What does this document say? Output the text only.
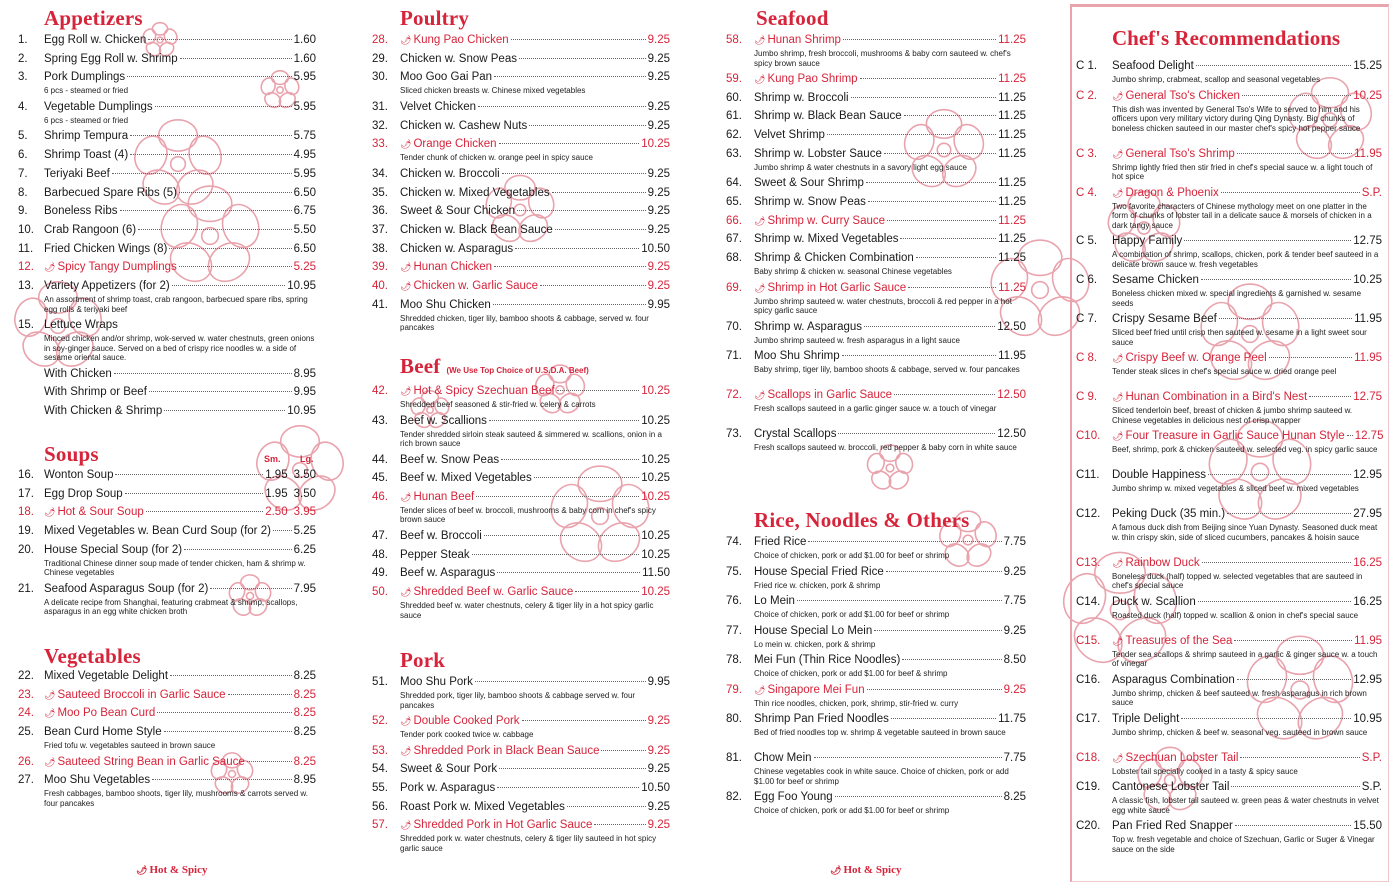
Appetizers
1.	Egg Roll w. Chicken	1.60
2.	Spring Egg Roll w. Shrimp	1.60
3.	Pork Dumplings	5.95
6 pcs - steamed or fried
4.	Vegetable Dumplings	5.95
6 pcs - steamed or fried
5.	Shrimp Tempura	5.75
6.	Shrimp Toast (4)	4.95
7.	Teriyaki Beef	5.95
8.	Barbecued Spare Ribs (5)	6.50
9.	Boneless Ribs	6.75
10. Crab Rangoon (6)	5.50
11. Fried Chicken Wings (8)	6.50
12.	🌶 Spicy Tangy Dumplings	5.25
13. Variety Appetizers (for 2)	10.95
An assortment of shrimp toast, crab rangoon, barbecued spare ribs, spring egg rolls & teriyaki beef
15. Lettuce Wraps
Minced chicken and/or shrimp, wok-served w. water chestnuts, green onions in soy-ginger sauce. Served on a bed of crispy rice noodles w. a side of sesame oriental sauce.
With Chicken	8.95
With Shrimp or Beef	9.95
With Chicken & Shrimp	10.95
Soups	Sm. Lg.
16. Wonton Soup	1.95 3.50
17. Egg Drop Soup	1.95 3.50
18.	🌶 Hot & Sour Soup	2.50 3.95
19. Mixed Vegetables w. Bean Curd Soup (for 2) 5.25
20. House Special Soup (for 2)	6.25
Traditional Chinese dinner soup made of tender chicken, ham & shrimp w. Chinese vegetables
21. Seafood Asparagus Soup (for 2)	7.95
A delicate recipe from Shanghai, featuring crabmeat & shrimp, scallops, asparagus in an egg white chicken broth
Vegetables
22. Mixed Vegetable Delight	8.25
23.	🌶 Sauteed Broccoli in Garlic Sauce	8.25
24.	🌶 Moo Po Bean Curd	8.25
25. Bean Curd Home Style	8.25
Fried tofu w. vegetables sauteed in brown sauce
26.	🌶 Sauteed String Bean in Garlic Sauce	8.25
27. Moo Shu Vegetables	8.95
Fresh cabbages, bamboo shoots, tiger lily, mushrooms & carrots served w. four pancakes
🌶 Hot & Spicy
Poultry
28.	🌶 Kung Pao Chicken	9.25
29.	Chicken w. Snow Peas	9.25
30.	Moo Goo Gai Pan	9.25
Sliced chicken breasts w. Chinese mixed vegetables
31.	Velvet Chicken	9.25
32.	Chicken w. Cashew Nuts	9.25
33.	🌶 Orange Chicken	10.25
Tender chunk of chicken w. orange peel in spicy sauce
34.	Chicken w. Broccoli	9.25
35.	Chicken w. Mixed Vegetables	9.25
36.	Sweet & Sour Chicken	9.25
37.	Chicken w. Black Bean Sauce	9.25
38.	Chicken w. Asparagus	10.50
39.	🌶 Hunan Chicken	9.25
40.	🌶 Chicken w. Garlic Sauce	9.25
41.	Moo Shu Chicken	9.95
Shredded chicken, tiger lily, bamboo shoots & cabbage, served w. four pancakes
Beef (We Use Top Choice of U.S.D.A. Beef)
42.	🌶 Hot & Spicy Szechuan Beef	10.25
Shredded beef seasoned & stir-fried w. celery & carrots
43.	Beef w. Scallions	10.25
Tender shredded sirloin steak sauteed & simmered w. scallions, onion in a rich brown sauce
44.	Beef w. Snow Peas	10.25
45.	Beef w. Mixed Vegetables	10.25
46.	🌶 Hunan Beef	10.25
Tender slices of beef w. broccoli, mushrooms & baby corn in chef's spicy brown sauce
47.	Beef w. Broccoli	10.25
48.	Pepper Steak	10.25
49.	Beef w. Asparagus	11.50
50.	🌶 Shredded Beef w. Garlic Sauce	10.25
Shredded beef w. water chestnuts, celery & tiger lily in a hot spicy garlic sauce
Pork
51.	Moo Shu Pork	9.95
Shredded pork, tiger lily, bamboo shoots & cabbage served w. four pancakes
52.	🌶 Double Cooked Pork	9.25
Tender pork cooked twice w. cabbage
53.	🌶 Shredded Pork in Black Bean Sauce	9.25
54.	Sweet & Sour Pork	9.25
55.	Pork w. Asparagus	10.50
56.	Roast Pork w. Mixed Vegetables	9.25
57.	🌶 Shredded Pork in Hot Garlic Sauce	9.25
Shredded pork w. water chestnuts, celery & tiger lily sauteed in hot spicy garlic sauce
Seafood
58.	🌶 Hunan Shrimp	11.25
Jumbo shrimp, fresh broccoli, mushrooms & baby corn sauteed w. chef's spicy brown sauce
59.	🌶 Kung Pao Shrimp	11.25
60.	Shrimp w. Broccoli	11.25
61.	Shrimp w. Black Bean Sauce	11.25
62.	Velvet Shrimp	11.25
63.	Shrimp w. Lobster Sauce	11.25
Jumbo shrimp & water chestnuts in a savory light egg sauce
64.	Sweet & Sour Shrimp	11.25
65.	Shrimp w. Snow Peas	11.25
66.	🌶 Shrimp w. Curry Sauce	11.25
67.	Shrimp w. Mixed Vegetables	11.25
68.	Shrimp & Chicken Combination	11.25
Baby shrimp & chicken w. seasonal Chinese vegetables
69.	🌶 Shrimp in Hot Garlic Sauce	11.25
Jumbo shrimp sauteed w. water chestnuts, broccoli & red pepper in a hot spicy garlic sauce
70.	Shrimp w. Asparagus	12.50
Jumbo shrimp sauteed w. fresh asparagus in a light sauce
71.	Moo Shu Shrimp	11.95
Baby shrimp, tiger lily, bamboo shoots & cabbage, served w. four pancakes
72.	🌶 Scallops in Garlic Sauce	12.50
Fresh scallops sauteed in a garlic ginger sauce w. a touch of vinegar
73.	Crystal Scallops	12.50
Fresh scallops sauteed w. broccoli, red pepper & baby corn in white sauce
Rice, Noodles & Others
74.	Fried Rice	7.75
Choice of chicken, pork or add $1.00 for beef or shrimp
75.	House Special Fried Rice	9.25
Fried rice w. chicken, pork & shrimp
76.	Lo Mein	7.75
Choice of chicken, pork or add $1.00 for beef or shrimp
77.	House Special Lo Mein	9.25
Lo mein w. chicken, pork & shrimp
78.	Mei Fun (Thin Rice Noodles)	8.50
Choice of chicken, pork or add $1.00 for beef & shrimp
79.	🌶 Singapore Mei Fun	9.25
Thin rice noodles, chicken, pork, shrimp, stir-fried w. curry
80.	Shrimp Pan Fried Noodles	11.75
Bed of fried noodles top w. shrimp & vegetable sauteed in brown sauce
81.	Chow Mein	7.75
Chinese vegetables cook in white sauce. Choice of chicken, pork or add $1.00 for beef or shrimp
82.	Egg Foo Young	8.25
Choice of chicken, pork or add $1.00 for beef or shrimp
🌶 Hot & Spicy
Chef's Recommendations
C 1.	Seafood Delight	15.25
Jumbo shrimp, crabmeat, scallop and seasonal vegetables
C 2.	🌶 General Tso's Chicken	10.25
This dish was invented by General Tso's Wife to served to him and his officers upon very military victory during Qing Dynasty. Big chunks of boneless chicken sauteed in our master chef's spicy hot pepper sauce
C 3.	🌶 General Tso's Shrimp	11.95
Shrimp lightly fried then stir fried in chef's special sauce w. a light touch of hot spice
C 4.	🌶 Dragon & Phoenix	S.P.
Two favorite characters of Chinese mythology meet on one platter in the form of chunks of lobster tail in a delicate sauce & morsels of chicken in a dark tangy sauce
C 5.	Happy Family	12.75
A combination of shrimp, scallops, chicken, pork & tender beef sauteed in a delicate brown sauce w. fresh vegetables
C 6.	Sesame Chicken	10.25
Boneless chicken mixed w. special ingredients & garnished w. sesame seeds
C 7.	Crispy Sesame Beef	11.95
Sliced beef fried until crisp then sauteed w. sesame in a light sweet sour sauce
C 8.	🌶 Crispy Beef w. Orange Peel	11.95
Tender steak slices in chef's special sauce w. dried orange peel
C 9.	🌶 Hunan Combination in a Bird's Nest	12.75
Sliced tenderloin beef, breast of chicken & jumbo shrimp sauteed w. Chinese vegetables in delicious nest of crisp wrapper
C10.	🌶 Four Treasure in Garlic Sauce Hunan Style 12.75
Beef, shrimp, pork & chicken sauteed w. selected veg. in spicy garlic sauce
C11.	Double Happiness	12.95
Jumbo shrimp w. mixed vegetables & sliced beef w. mixed vegetables
C12.	Peking Duck (35 min.)	27.95
A famous duck dish from Beijing since Yuan Dynasty. Seasoned duck meat w. thin crispy skin, side of sliced cucumbers, pancakes & hoisin sauce
C13.	🌶 Rainbow Duck	16.25
Boneless duck (half) topped w. selected vegetables that are sauteed in chef's special sauce
C14.	Duck w. Scallion	16.25
Roasted duck (half) topped w. scallion & onion in chef's special sauce
C15.	🌶 Treasures of the Sea	11.95
Tender sea scallops & shrimp sauteed in a garlic & ginger sauce w. a touch of vinegar
C16.	Asparagus Combination	12.95
Jumbo shrimp, chicken & beef sauteed w. fresh asparagus in rich brown sauce
C17.	Triple Delight	10.95
Jumbo shrimp, chicken & beef w. seasonal veg. sauteed in brown sauce
C18.	🌶 Szechuan Lobster Tail	S.P.
Lobster tail specially cooked in a tasty & spicy sauce
C19.	Cantonese Lobster Tail	S.P.
A classic fish, lobster tail sauteed w. green peas & water chestnuts in velvet egg white sauce
C20.	Pan Fried Red Snapper	15.50
Top w. fresh vegetable and choice of Szechuan, Garlic or Suger & Vinegar sauce on the side
